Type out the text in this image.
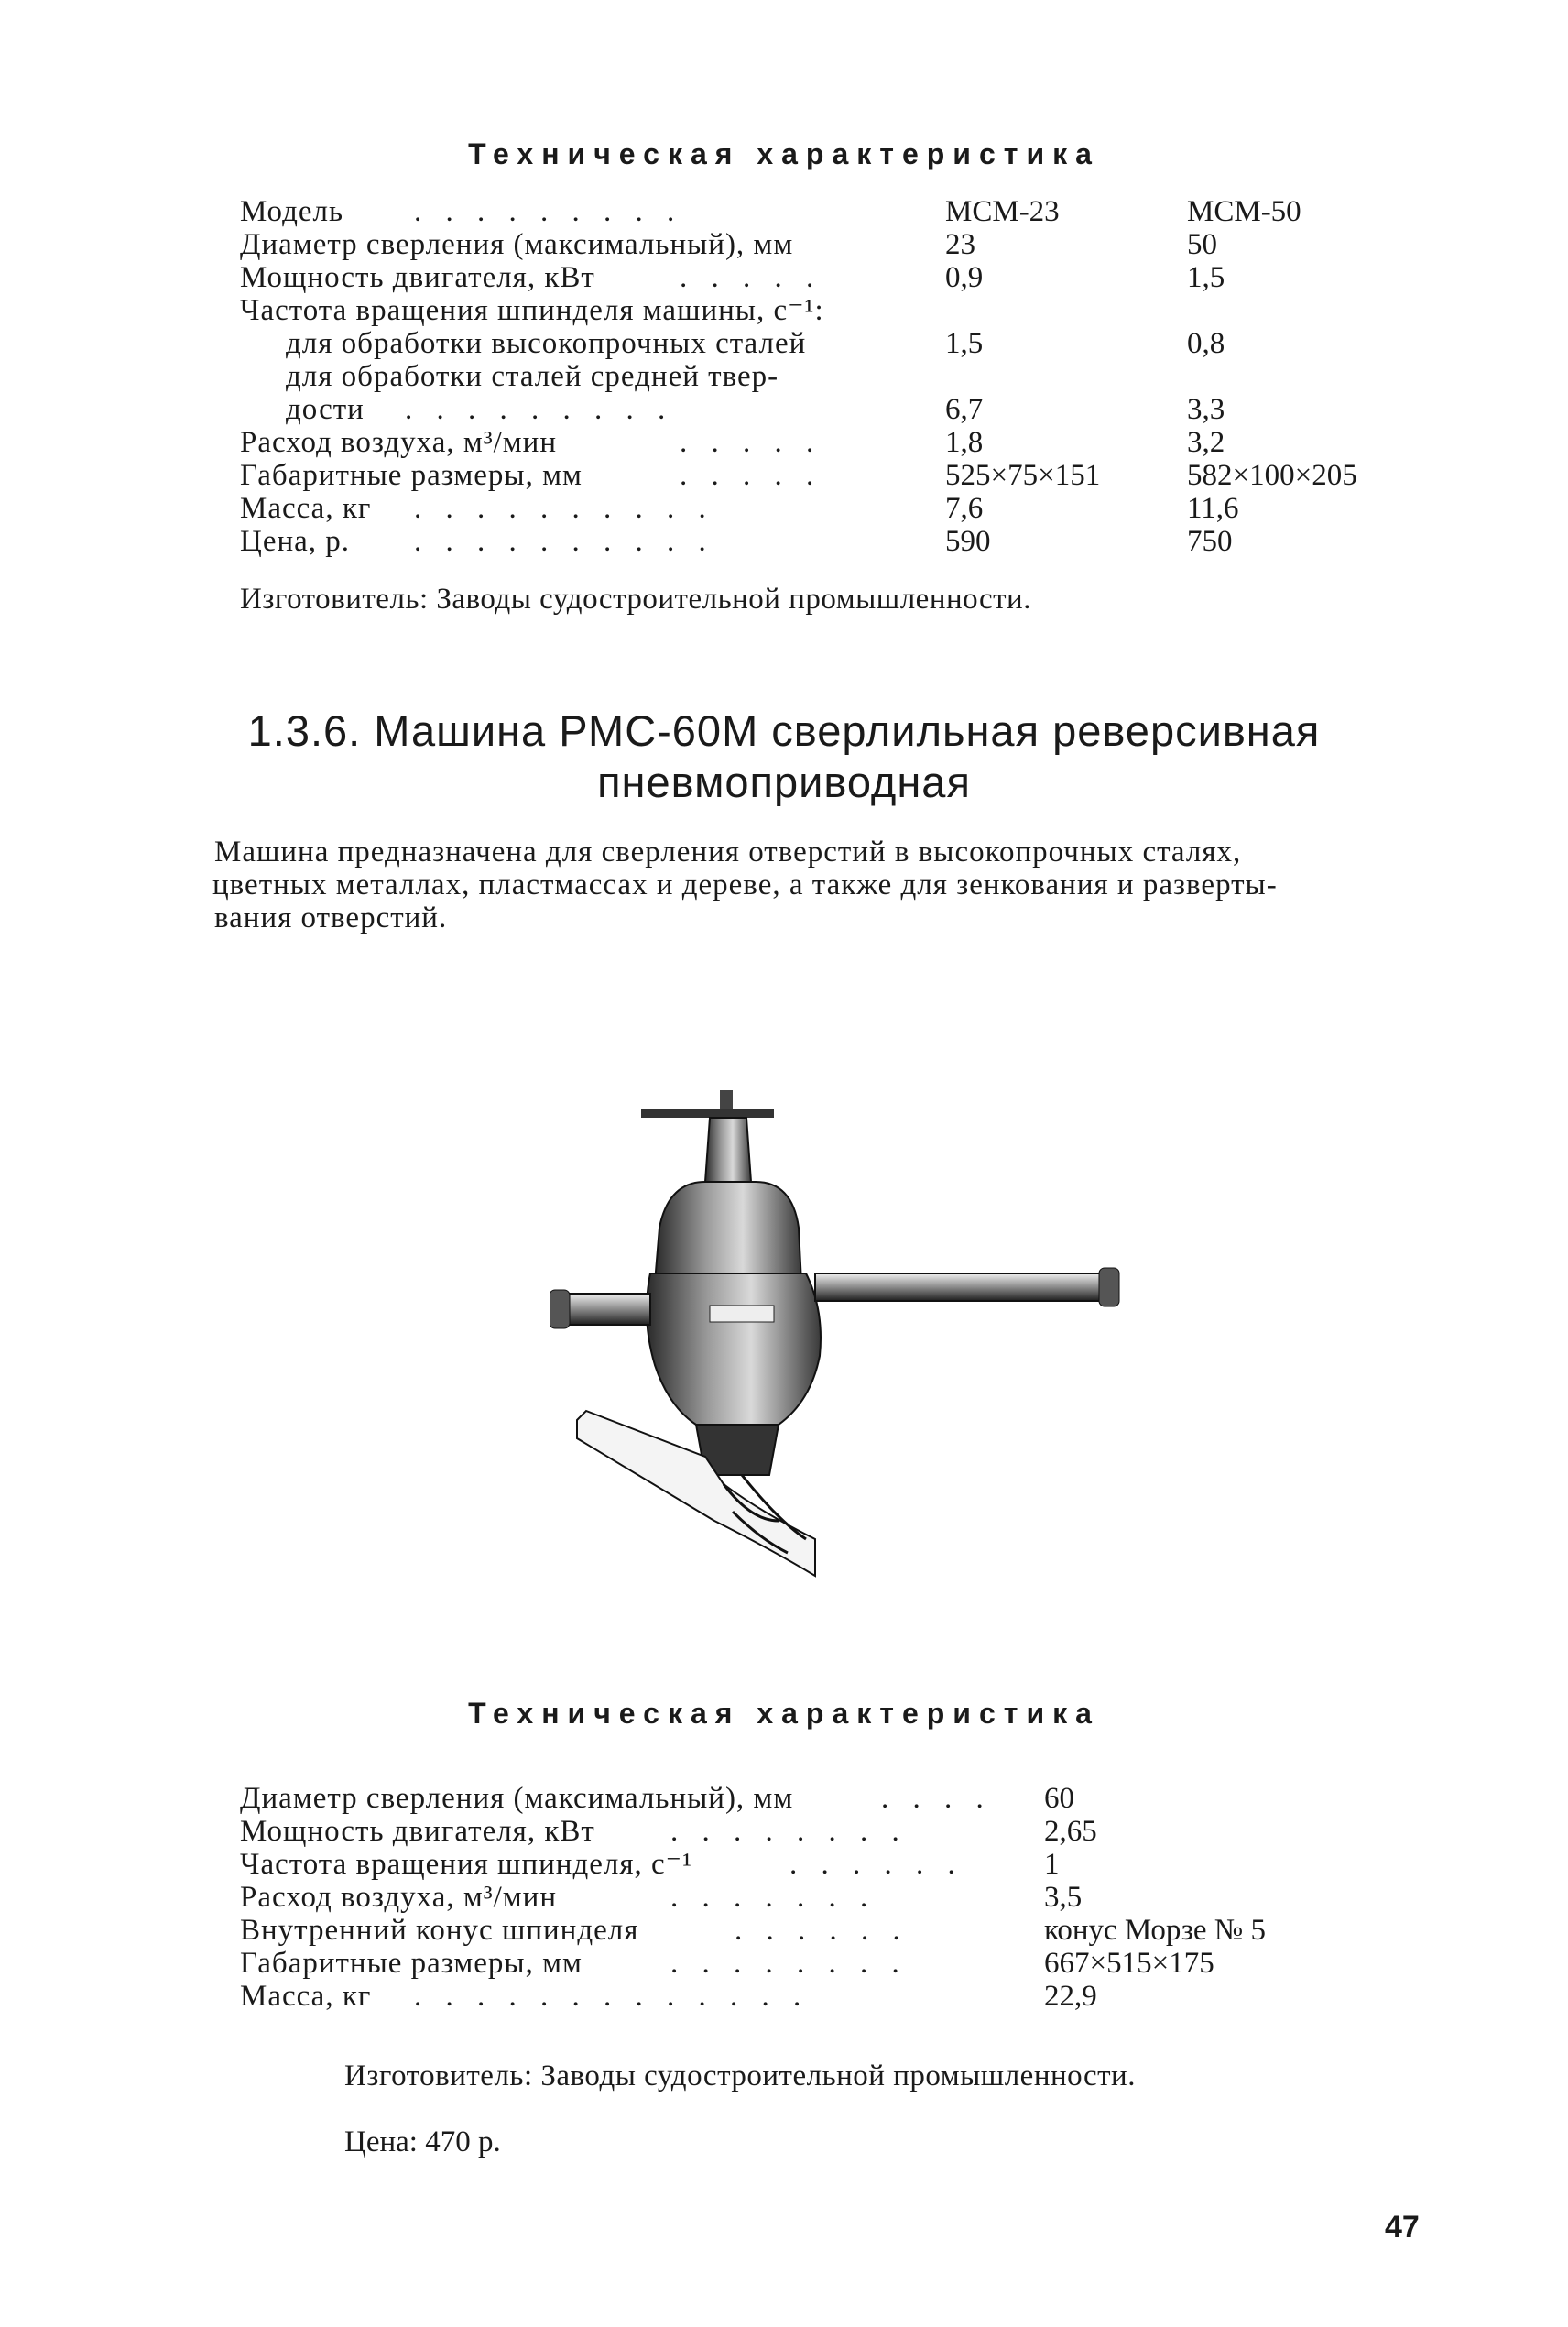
Техническая характеристика
Модель . . . . . . . . .	МСМ-23	МСМ-50
Диаметр сверления (максимальный), мм	23	50
Мощность двигателя, кВт	. . . . .	0,9	1,5
Частота вращения шпинделя машины, с⁻¹:
для обработки высокопрочных сталей	1,5	0,8
для обработки сталей средней твер-
дости . . . . . . . . .	6,7	3,3
Расход воздуха, м³/мин	. . . . .	1,8	3,2
Габаритные размеры, мм	. . . . .	525×75×151	582×100×205
Масса, кг . . . . . . . . . .	7,6	11,6
Цена, р. . . . . . . . . . .	590	750
Изготовитель: Заводы судостроительной промышленности.
1.3.6. Машина РМС-60М сверлильная реверсивная
пневмоприводная
Машина предназначена для сверления отверстий в высокопрочных сталях,
цветных металлах, пластмассах и дереве, а также для зенкования и разверты-
вания отверстий.
Техническая характеристика
Диаметр сверления (максимальный), мм	. . . . 60
Мощность двигателя, кВт . . . . . . . .	2,65
Частота вращения шпинделя, с⁻¹	. . . . . .	1
Расход воздуха, м³/мин	. . . . . . .	3,5
Внутренний конус шпинделя	. . . . . .	конус Морзе № 5
Габаритные размеры, мм	. . . . . . . .	667×515×175
Масса, кг . . . . . . . . . . . . .	22,9
Изготовитель: Заводы судостроительной промышленности.
Цена: 470 р.
47
